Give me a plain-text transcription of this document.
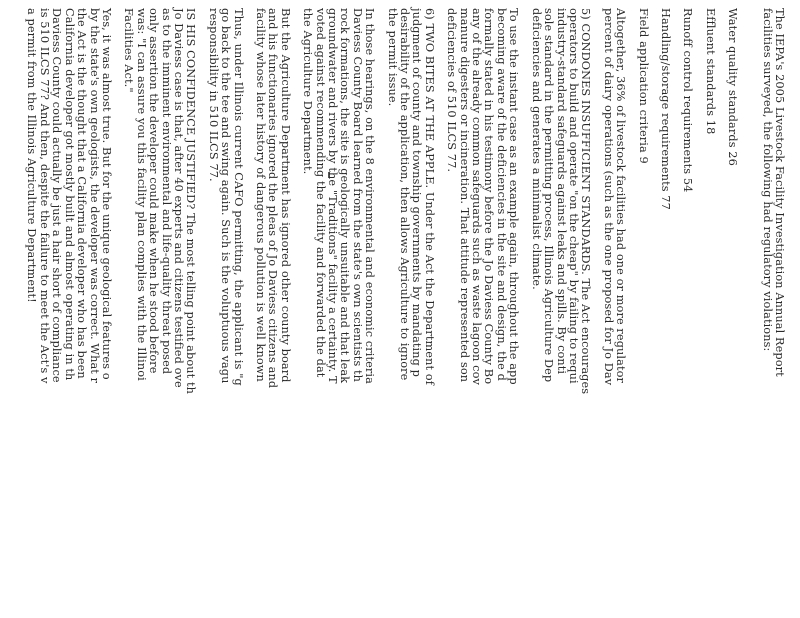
The IEPA's 2005 Livestock Facility Investigation Annual Report
facilities surveyed, the following had regulatory violations:
Water quality standards 26
Effluent standards 18
Runoff control requirements 54
Handling/storage requirements 77
Field application criteria 9
Altogether, 36% of livestock facilities had one or more regulator
percent of dairy operations (such as the one proposed for Jo Dav
5) CONDONES INSUFFICIENT STANDARDS. The Act encourages
operators to build and operate "on the cheap" by failing to requi
industry-standard safeguards against leaks and spills. By conti
sole standard in the permitting process, Illinois Agriculture Dep
deficiencies and generates a minimalist climate.
To use the instant case as an example again, throughout the app
becoming aware of the deficiencies in the site and design, the d
formally stated in his testimony before the Jo Daviess County Bo
any of the already common safeguards such as waste lagoon cov
manure digesters or incineration. That attitude represented son
deficiencies of 510 ILCS 77.
6) TWO BITES AT THE APPLE. Under the Act the Department of
judgment of county and township governments by mandating p
desirability of the application, then allows Agriculture to ignore
the permit issue.
In those hearings, on the 8 environmental and economic criteria
Daviess County Board learned from the state's own scientists th
rock formations, the site is geologically unsuitable and that leak
groundwater and rivers by the "Traditions" facility a certainty. T
voted against recommending the facility and forwarded the dat
the Agriculture Department.
But the Agriculture Department has ignored other county board
and his functionaries ignored the pleas of Jo Daviess citizens and
facility whose later history of dangerous pollution is well known
Thus, under Illinois current CAFO permitting, the applicant is "g
go back to the tee and swing again. Such is the voluptuous vagu
responsibility in 510 ILCS 77.
IS HIS CONFIDENCE JUSTIFIED? The most telling point about th
Jo Daviess case is that, after 40 experts and citizens testified ove
as to the imminent environmental and life-quality threat posed
only assertion the developer could make when he stood before
was: "I can assure you this facility plan complies with the Illinoi
Facilities Act."
Yes, it was almost true. But for the unique geological features o
by the state's own geologists, the developer was correct. What r
the Act is the thought that a California developer who has been
California developer got mostly built and almost operating in th
Daviess County could actually be just a hair short of compliance
is 510 ILCS 77? And then, despite the failure to meet the Act's v
a permit from the Illinois Agriculture Department!
